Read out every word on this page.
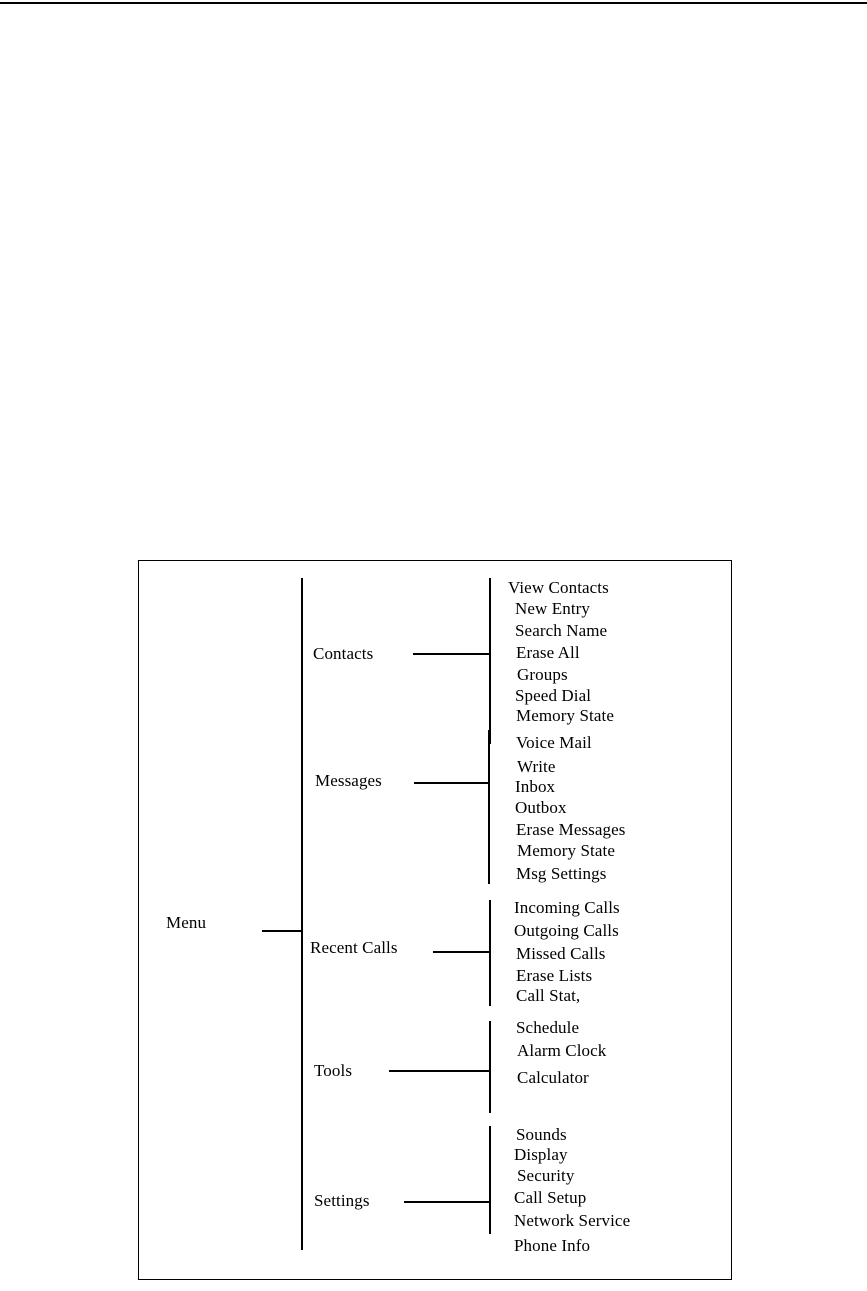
Menu
Contacts
View Contacts
New Entry
Search Name
Erase All
Groups
Speed Dial
Memory State
Messages
Voice Mail
Write
Inbox
Outbox
Erase Messages
Memory State
Msg Settings
Recent Calls
Incoming Calls
Outgoing Calls
Missed Calls
Erase Lists
Call Stat,
Tools
Schedule
Alarm Clock
Calculator
Settings
Sounds
Display
Security
Call Setup
Network Service
Phone Info
